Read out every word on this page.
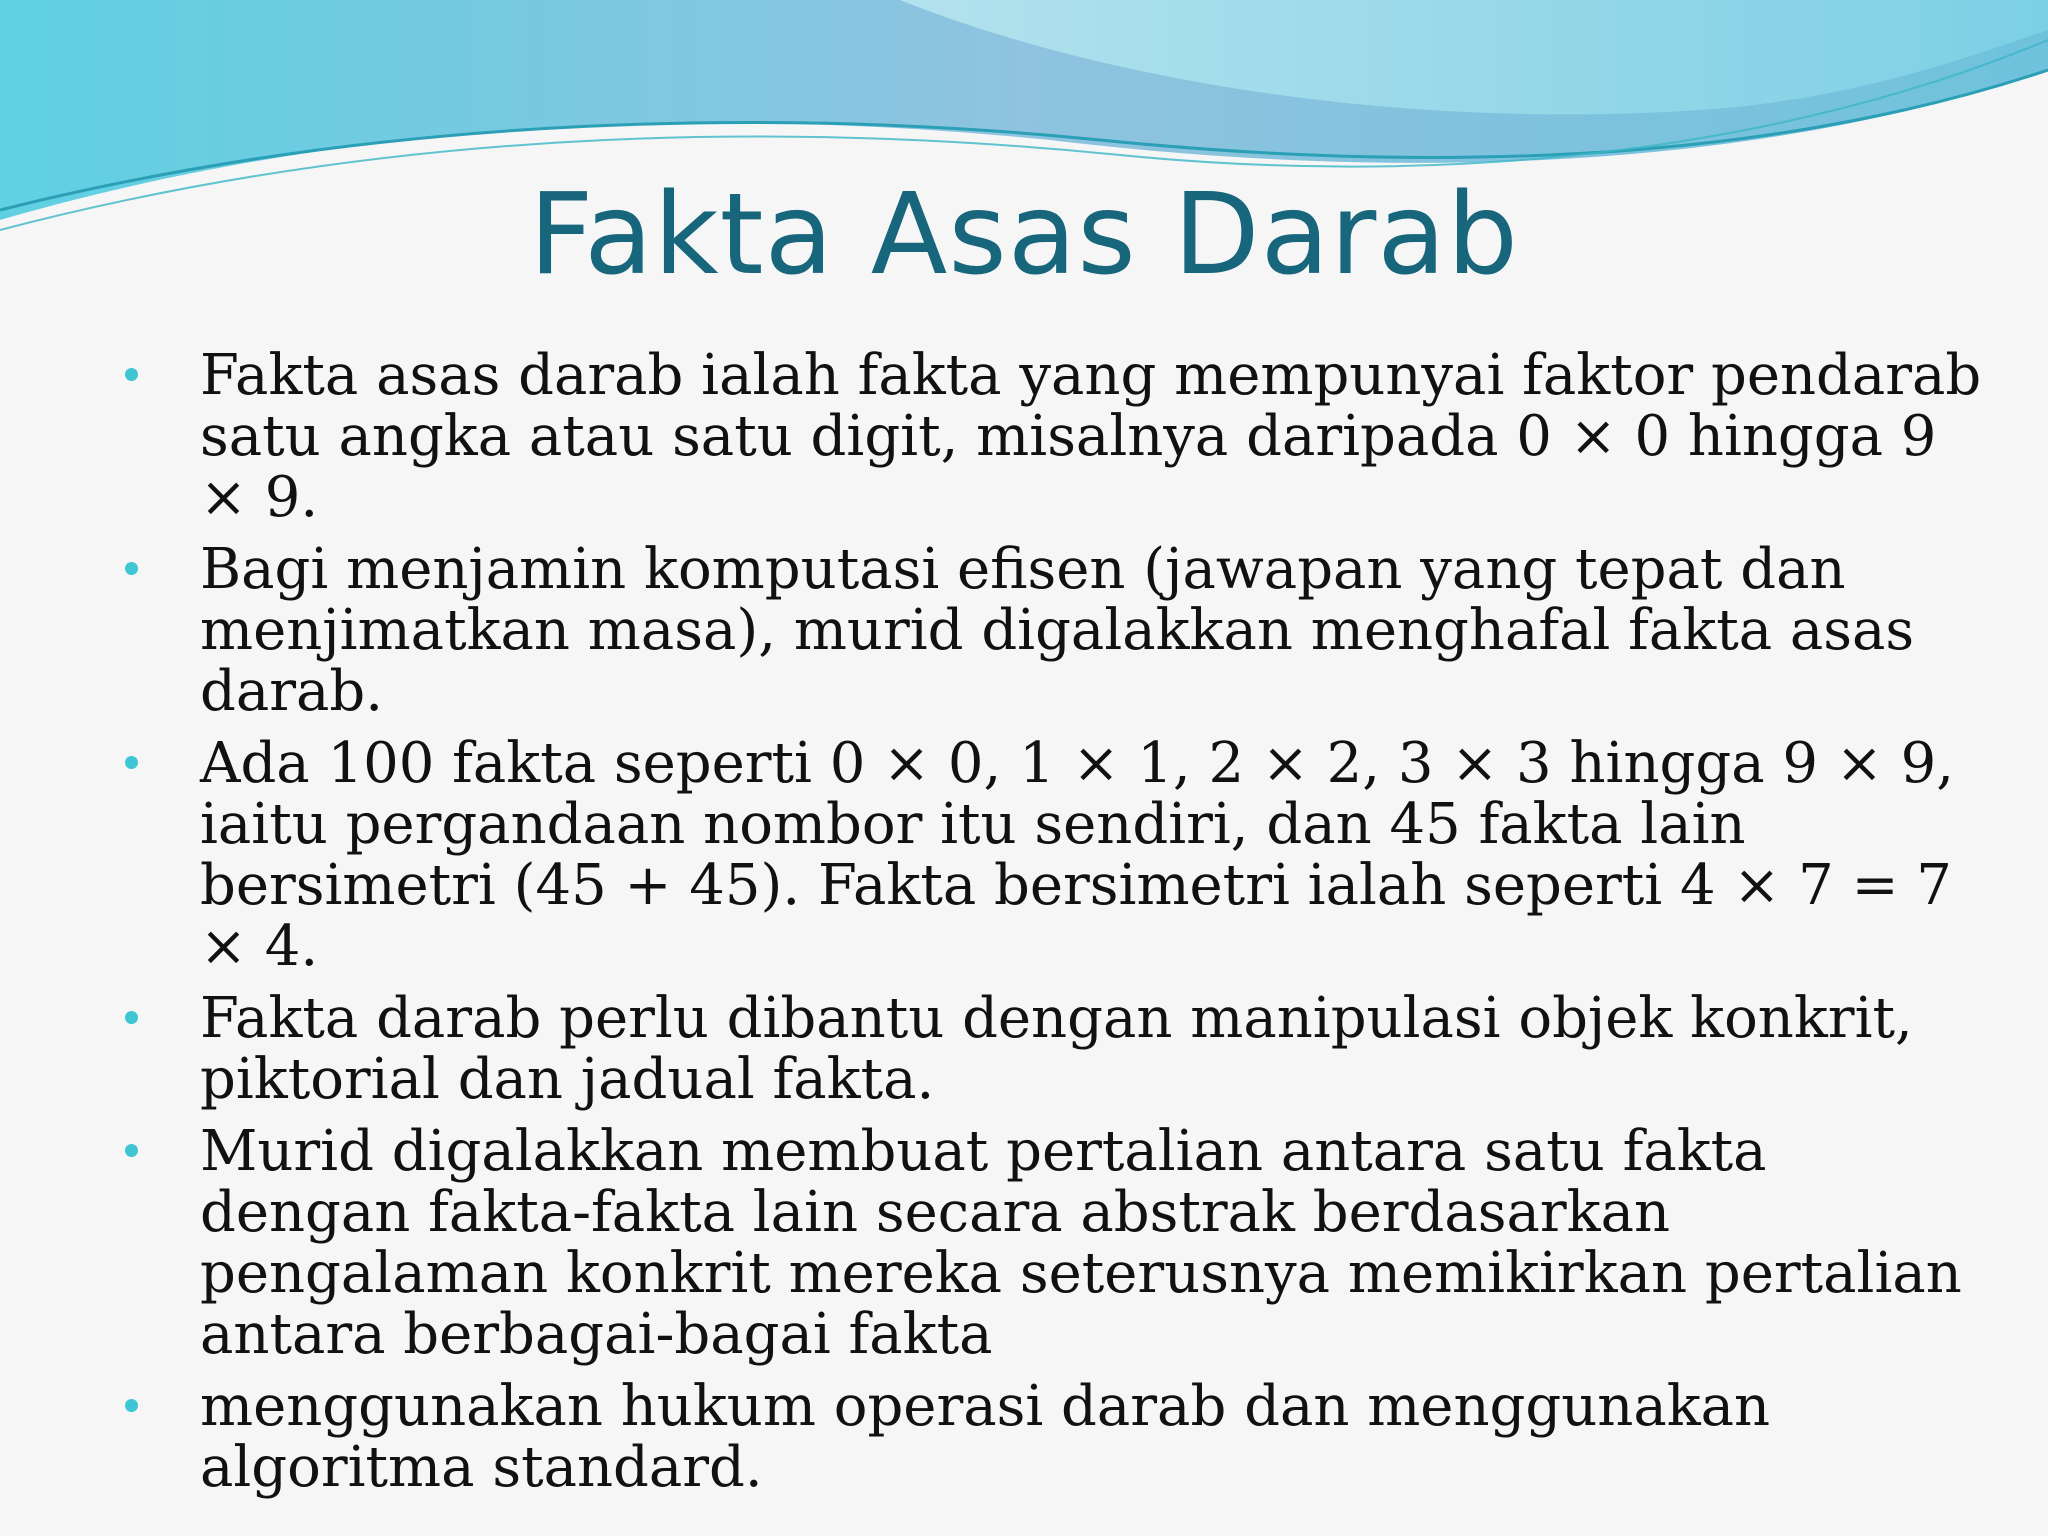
Fakta Asas Darab
Fakta asas darab ialah fakta yang mempunyai faktor pendarab satu angka atau satu digit, misalnya daripada 0 × 0 hingga 9 × 9.
Bagi menjamin komputasi efisen (jawapan yang tepat dan menjimatkan masa), murid digalakkan menghafal fakta asas darab.
Ada 100 fakta seperti 0 × 0, 1 × 1, 2 × 2, 3 × 3 hingga 9 × 9, iaitu pergandaan nombor itu sendiri, dan 45 fakta lain bersimetri (45 + 45). Fakta bersimetri ialah seperti 4 × 7 = 7 × 4.
Fakta darab perlu dibantu dengan manipulasi objek konkrit, piktorial dan jadual fakta.
Murid digalakkan membuat pertalian antara satu fakta dengan fakta-fakta lain secara abstrak berdasarkan pengalaman konkrit mereka seterusnya memikirkan pertalian antara berbagai-bagai fakta
menggunakan hukum operasi darab dan menggunakan algoritma standard.
